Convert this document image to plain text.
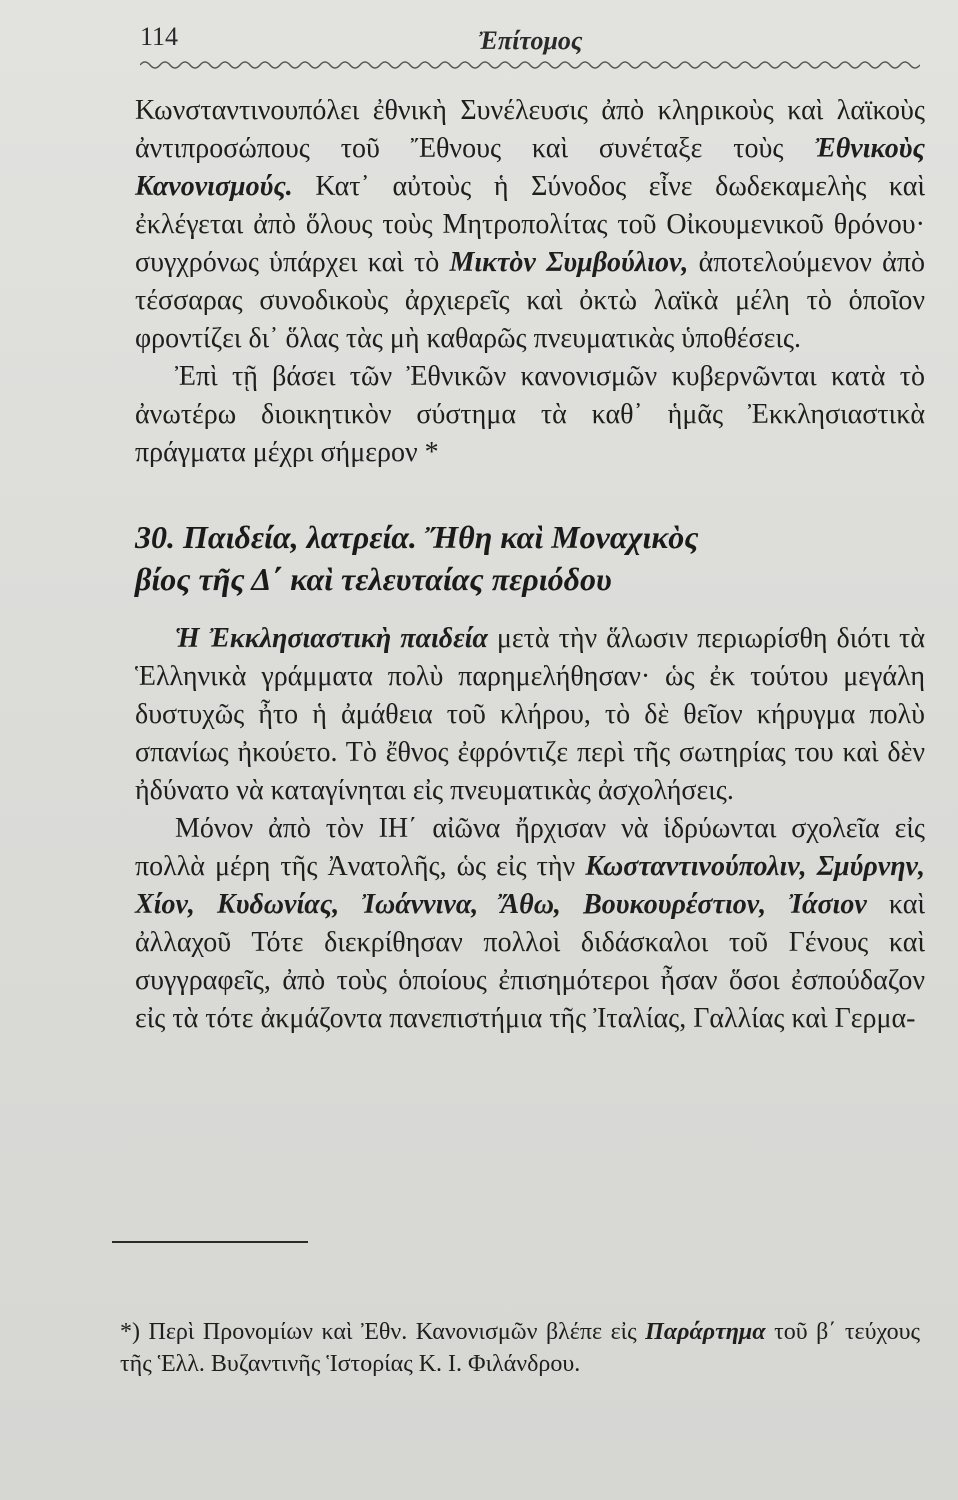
114	Ἐπίτομος

Κωνσταντινουπόλει ἐθνικὴ Συνέλευσις ἀπὸ κληρικοὺς καὶ λαϊκοὺς ἀντιπροσώπους τοῦ Ἔθνους καὶ συνέταξε τοὺς Ἐθνικοὺς Κανονισμούς. Κατ᾽ αὐτοὺς ἡ Σύνοδος εἶνε δωδεκαμελὴς καὶ ἐκλέγεται ἀπὸ ὅλους τοὺς Μητροπολίτας τοῦ Οἰκουμενικοῦ θρόνου· συγχρόνως ὑπάρχει καὶ τὸ Μικτὸν Συμβούλιον, ἀποτελούμενον ἀπὸ τέσσαρας συνοδικοὺς ἀρχιερεῖς καὶ ὀκτὼ λαϊκὰ μέλη τὸ ὁποῖον φροντίζει δι᾽ ὅλας τὰς μὴ καθαρῶς πνευματικὰς ὑποθέσεις.

Ἐπὶ τῇ βάσει τῶν Ἐθνικῶν κανονισμῶν κυβερνῶνται κατὰ τὸ ἀνωτέρω διοικητικὸν σύστημα τὰ καθ᾽ ἡμᾶς Ἐκκλησιαστικὰ πράγματα μέχρι σήμερον *

30. Παιδεία, λατρεία. Ἤθη καὶ Μοναχικὸς
βίος τῆς Δ΄ καὶ τελευταίας περιόδου

Ἡ Ἐκκλησιαστικὴ παιδεία μετὰ τὴν ἅλωσιν περιωρίσθη διότι τὰ Ἑλληνικὰ γράμματα πολὺ παρημελήθησαν· ὡς ἐκ τούτου μεγάλη δυστυχῶς ἦτο ἡ ἀμάθεια τοῦ κλήρου, τὸ δὲ θεῖον κήρυγμα πολὺ σπανίως ἠκούετο. Τὸ ἔθνος ἐφρόντιζε περὶ τῆς σωτηρίας του καὶ δὲν ἠδύνατο νὰ καταγίνηται εἰς πνευματικὰς ἀσχολήσεις.

Μόνον ἀπὸ τὸν ΙΗ΄ αἰῶνα ἤρχισαν νὰ ἱδρύωνται σχολεῖα εἰς πολλὰ μέρη τῆς Ἀνατολῆς, ὡς εἰς τὴν Κωσταντινούπολιν, Σμύρνην, Χίον, Κυδωνίας, Ἰωάννινα, Ἄθω, Βουκουρέστιον, Ἰάσιον καὶ ἀλλαχοῦ Τότε διεκρίθησαν πολλοὶ διδάσκαλοι τοῦ Γένους καὶ συγγραφεῖς, ἀπὸ τοὺς ὁποίους ἐπισημότεροι ἦσαν ὅσοι ἐσπούδαζον εἰς τὰ τότε ἀκμάζοντα πανεπιστήμια τῆς Ἰταλίας, Γαλλίας καὶ Γερμα-

*) Περὶ Προνομίων καὶ Ἐθν. Κανονισμῶν βλέπε εἰς Παράρτημα τοῦ β΄ τεύχους τῆς Ἑλλ. Βυζαντινῆς Ἱστορίας Κ. Ι. Φιλάνδρου.
